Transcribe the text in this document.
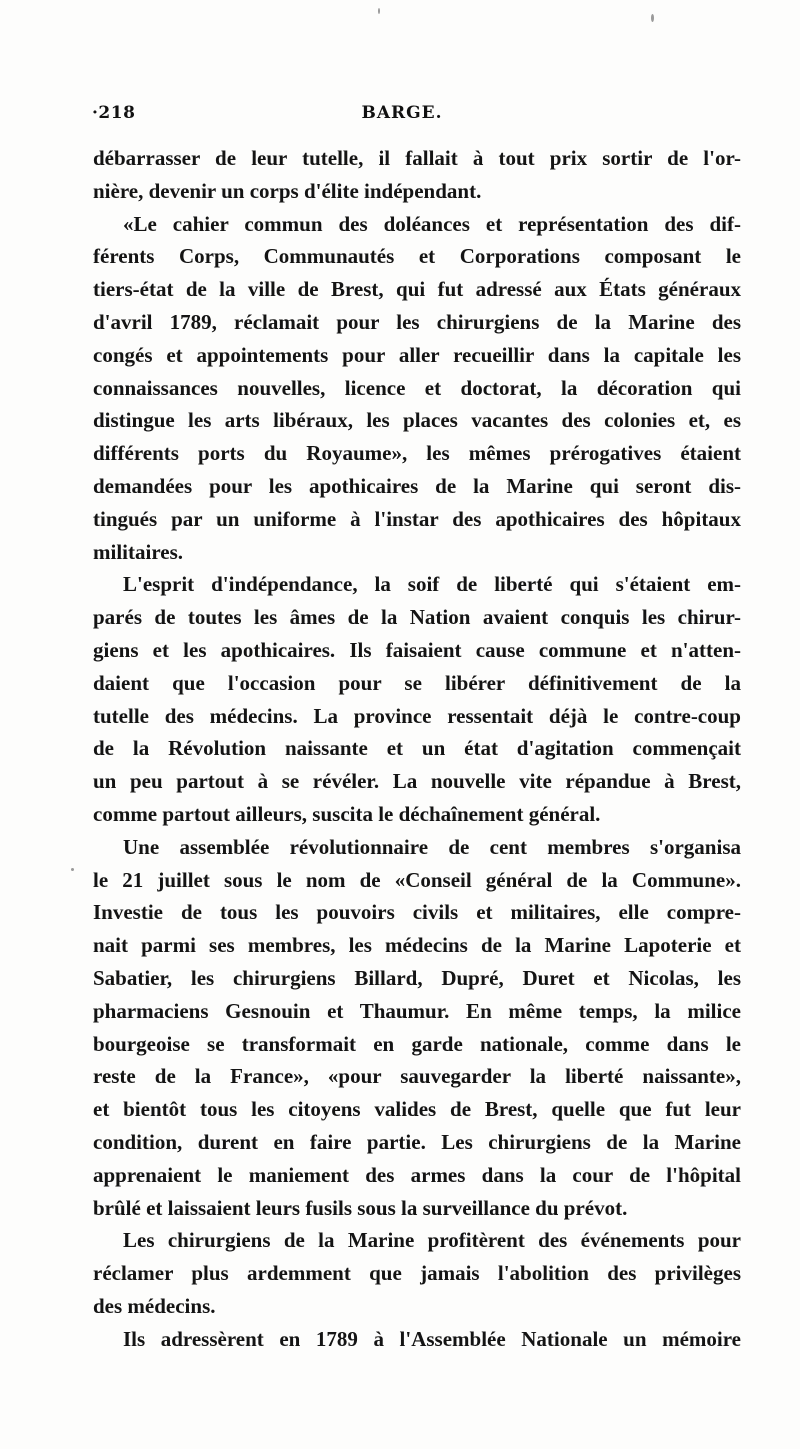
·218	BARGE.
débarrasser de leur tutelle, il fallait à tout prix sortir de l'or-
nière, devenir un corps d'élite indépendant.
«Le cahier commun des doléances et représentation des dif-
férents Corps, Communautés et Corporations composant le
tiers-état de la ville de Brest, qui fut adressé aux États généraux
d'avril 1789, réclamait pour les chirurgiens de la Marine des
congés et appointements pour aller recueillir dans la capitale les
connaissances nouvelles, licence et doctorat, la décoration qui
distingue les arts libéraux, les places vacantes des colonies et, es
différents ports du Royaume», les mêmes prérogatives étaient
demandées pour les apothicaires de la Marine qui seront dis-
tingués par un uniforme à l'instar des apothicaires des hôpitaux
militaires.
L'esprit d'indépendance, la soif de liberté qui s'étaient em-
parés de toutes les âmes de la Nation avaient conquis les chirur-
giens et les apothicaires. Ils faisaient cause commune et n'atten-
daient que l'occasion pour se libérer définitivement de la
tutelle des médecins. La province ressentait déjà le contre-coup
de la Révolution naissante et un état d'agitation commençait
un peu partout à se révéler. La nouvelle vite répandue à Brest,
comme partout ailleurs, suscita le déchaînement général.
Une assemblée révolutionnaire de cent membres s'organisa
le 21 juillet sous le nom de «Conseil général de la Commune».
Investie de tous les pouvoirs civils et militaires, elle compre-
nait parmi ses membres, les médecins de la Marine Lapoterie et
Sabatier, les chirurgiens Billard, Dupré, Duret et Nicolas, les
pharmaciens Gesnouin et Thaumur. En même temps, la milice
bourgeoise se transformait en garde nationale, comme dans le
reste de la France», «pour sauvegarder la liberté naissante»,
et bientôt tous les citoyens valides de Brest, quelle que fut leur
condition, durent en faire partie. Les chirurgiens de la Marine
apprenaient le maniement des armes dans la cour de l'hôpital
brûlé et laissaient leurs fusils sous la surveillance du prévot.
Les chirurgiens de la Marine profitèrent des événements pour
réclamer plus ardemment que jamais l'abolition des privilèges
des médecins.
Ils adressèrent en 1789 à l'Assemblée Nationale un mémoire
